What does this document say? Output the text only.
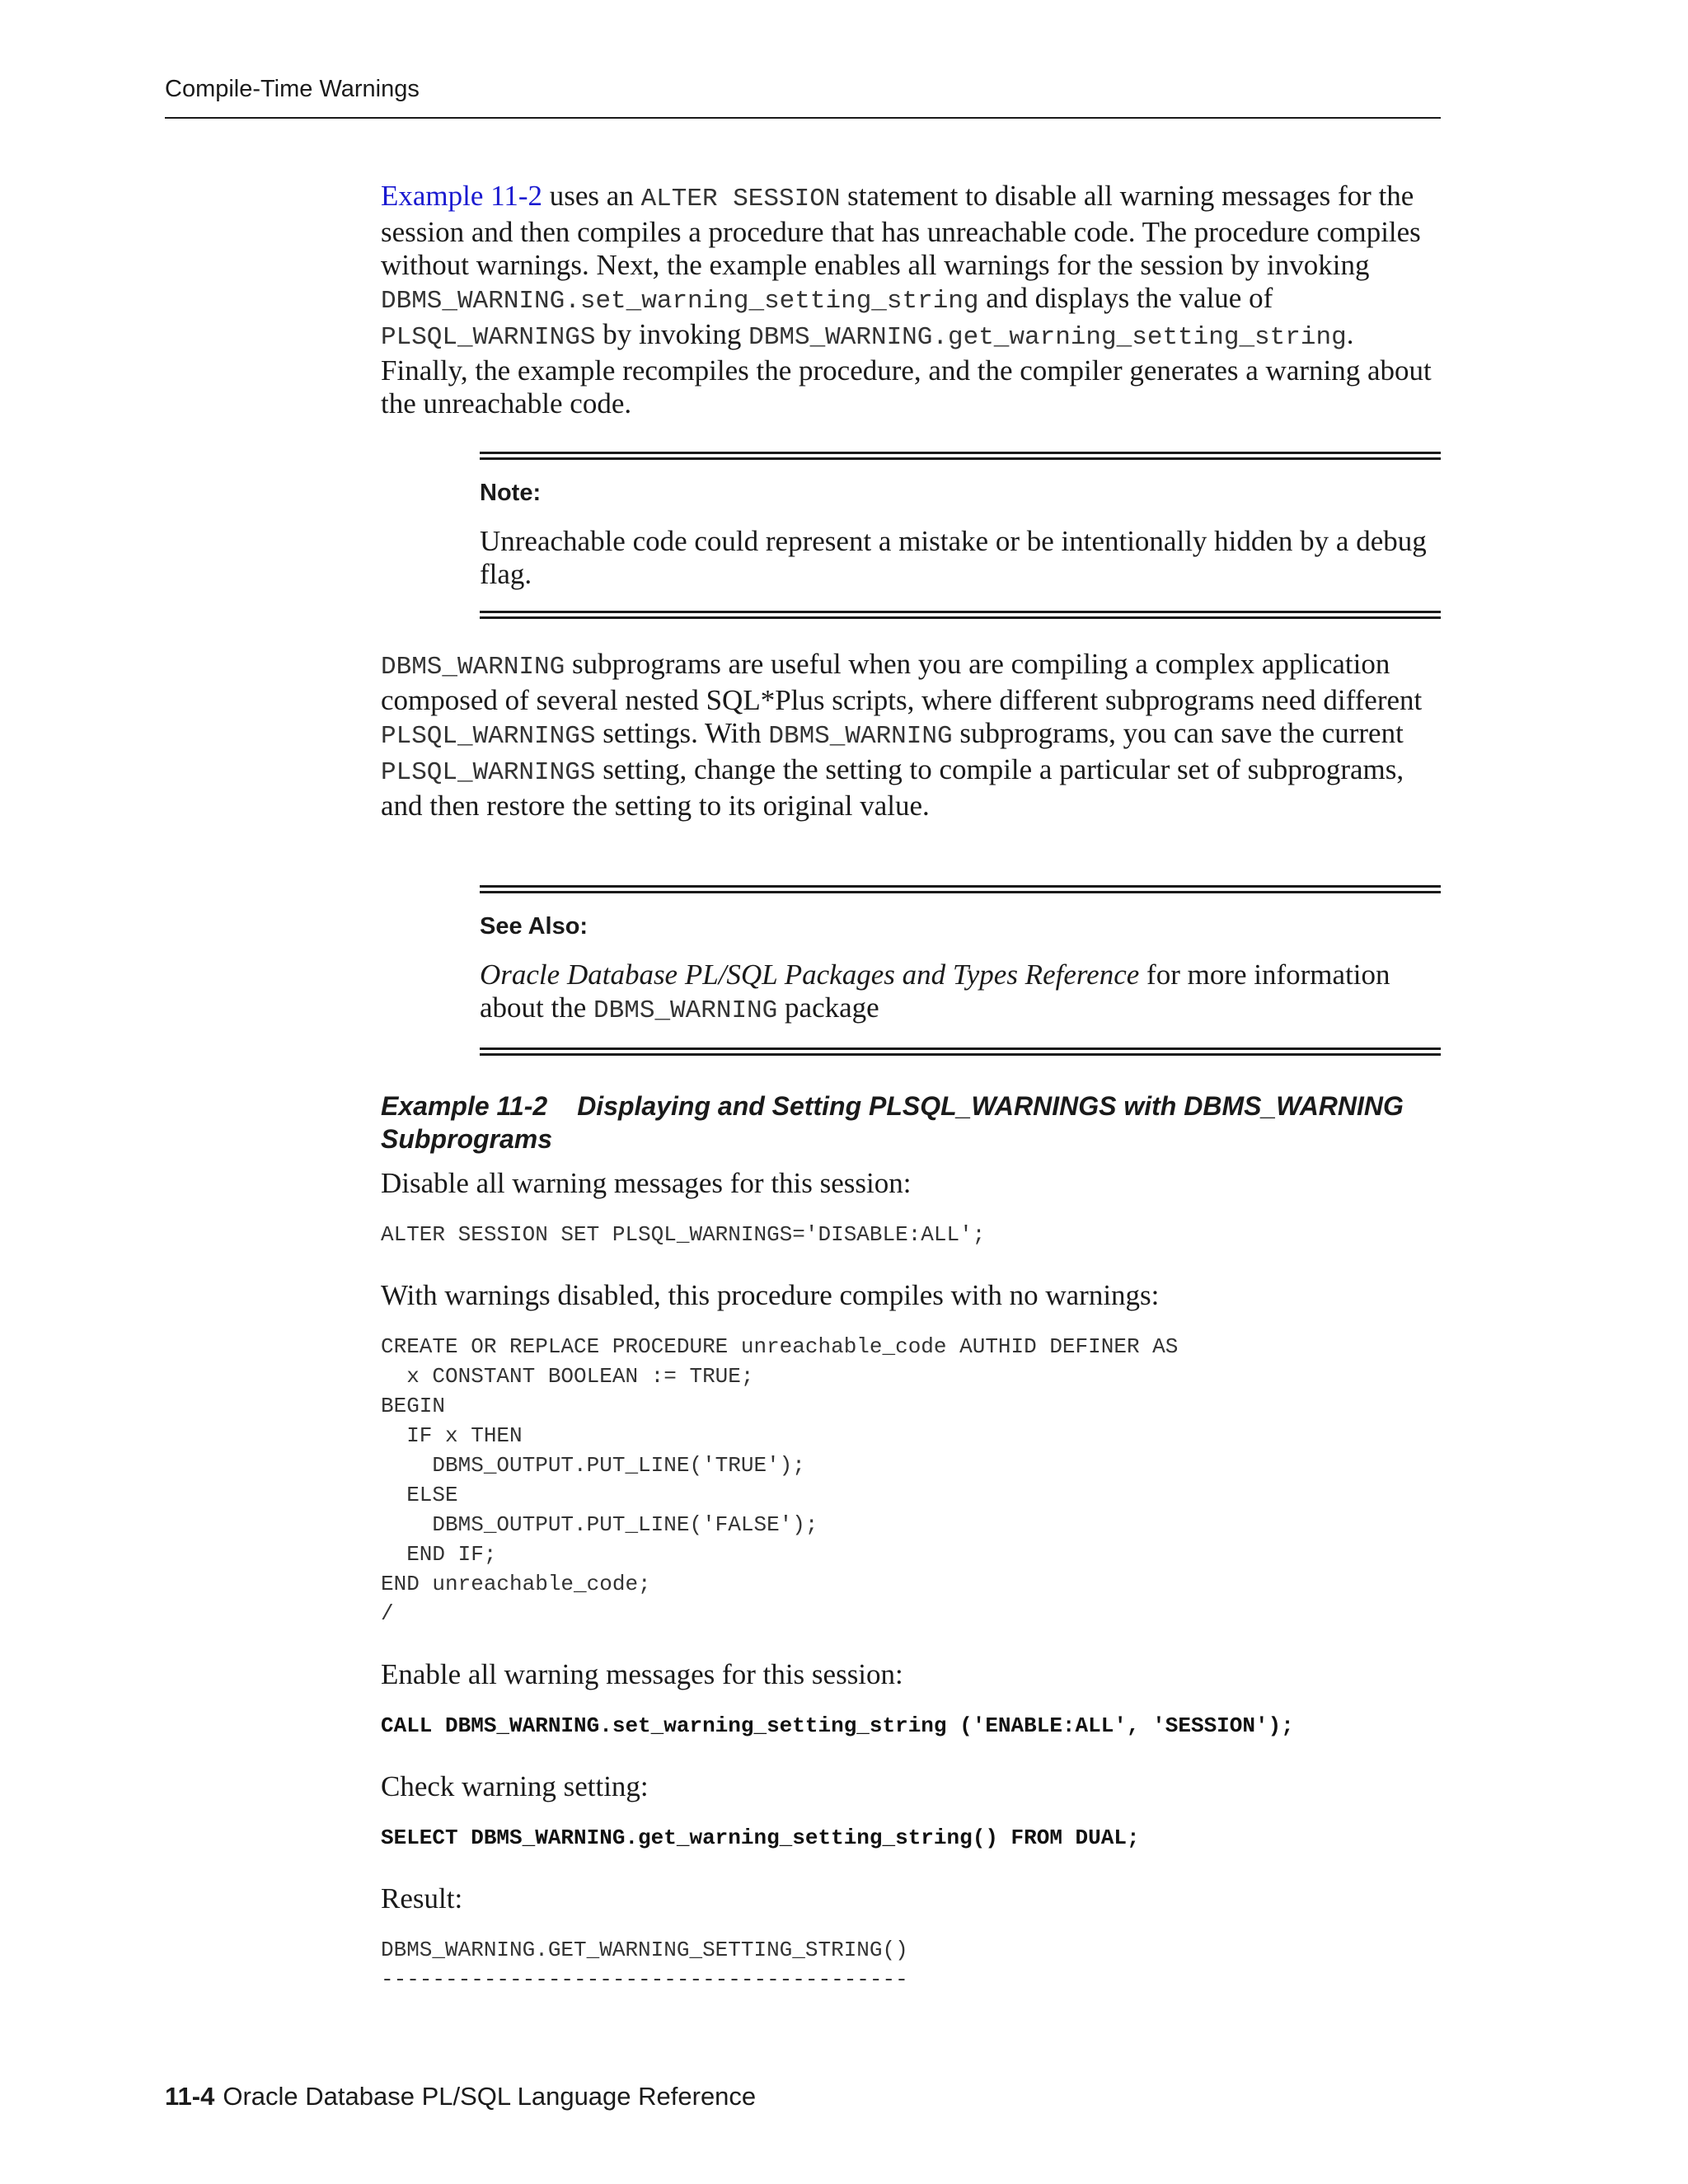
Compile-Time Warnings
Example 11-2 uses an ALTER SESSION statement to disable all warning messages for the session and then compiles a procedure that has unreachable code. The procedure compiles without warnings. Next, the example enables all warnings for the session by invoking DBMS_WARNING.set_warning_setting_string and displays the value of PLSQL_WARNINGS by invoking DBMS_WARNING.get_warning_setting_string. Finally, the example recompiles the procedure, and the compiler generates a warning about the unreachable code.
Note:
Unreachable code could represent a mistake or be intentionally hidden by a debug flag.
DBMS_WARNING subprograms are useful when you are compiling a complex application composed of several nested SQL*Plus scripts, where different subprograms need different PLSQL_WARNINGS settings. With DBMS_WARNING subprograms, you can save the current PLSQL_WARNINGS setting, change the setting to compile a particular set of subprograms, and then restore the setting to its original value.
See Also:
Oracle Database PL/SQL Packages and Types Reference for more information about the DBMS_WARNING package
Example 11-2 Displaying and Setting PLSQL_WARNINGS with DBMS_WARNING Subprograms
Disable all warning messages for this session:
ALTER SESSION SET PLSQL_WARNINGS='DISABLE:ALL';
With warnings disabled, this procedure compiles with no warnings:
CREATE OR REPLACE PROCEDURE unreachable_code AUTHID DEFINER AS
x CONSTANT BOOLEAN := TRUE;
BEGIN
IF x THEN
DBMS_OUTPUT.PUT_LINE('TRUE');
ELSE
DBMS_OUTPUT.PUT_LINE('FALSE');
END IF;
END unreachable_code;
/
Enable all warning messages for this session:
CALL DBMS_WARNING.set_warning_setting_string ('ENABLE:ALL', 'SESSION');
Check warning setting:
SELECT DBMS_WARNING.get_warning_setting_string() FROM DUAL;
Result:
DBMS_WARNING.GET_WARNING_SETTING_STRING()
-----------------------------------------
11-4 Oracle Database PL/SQL Language Reference
